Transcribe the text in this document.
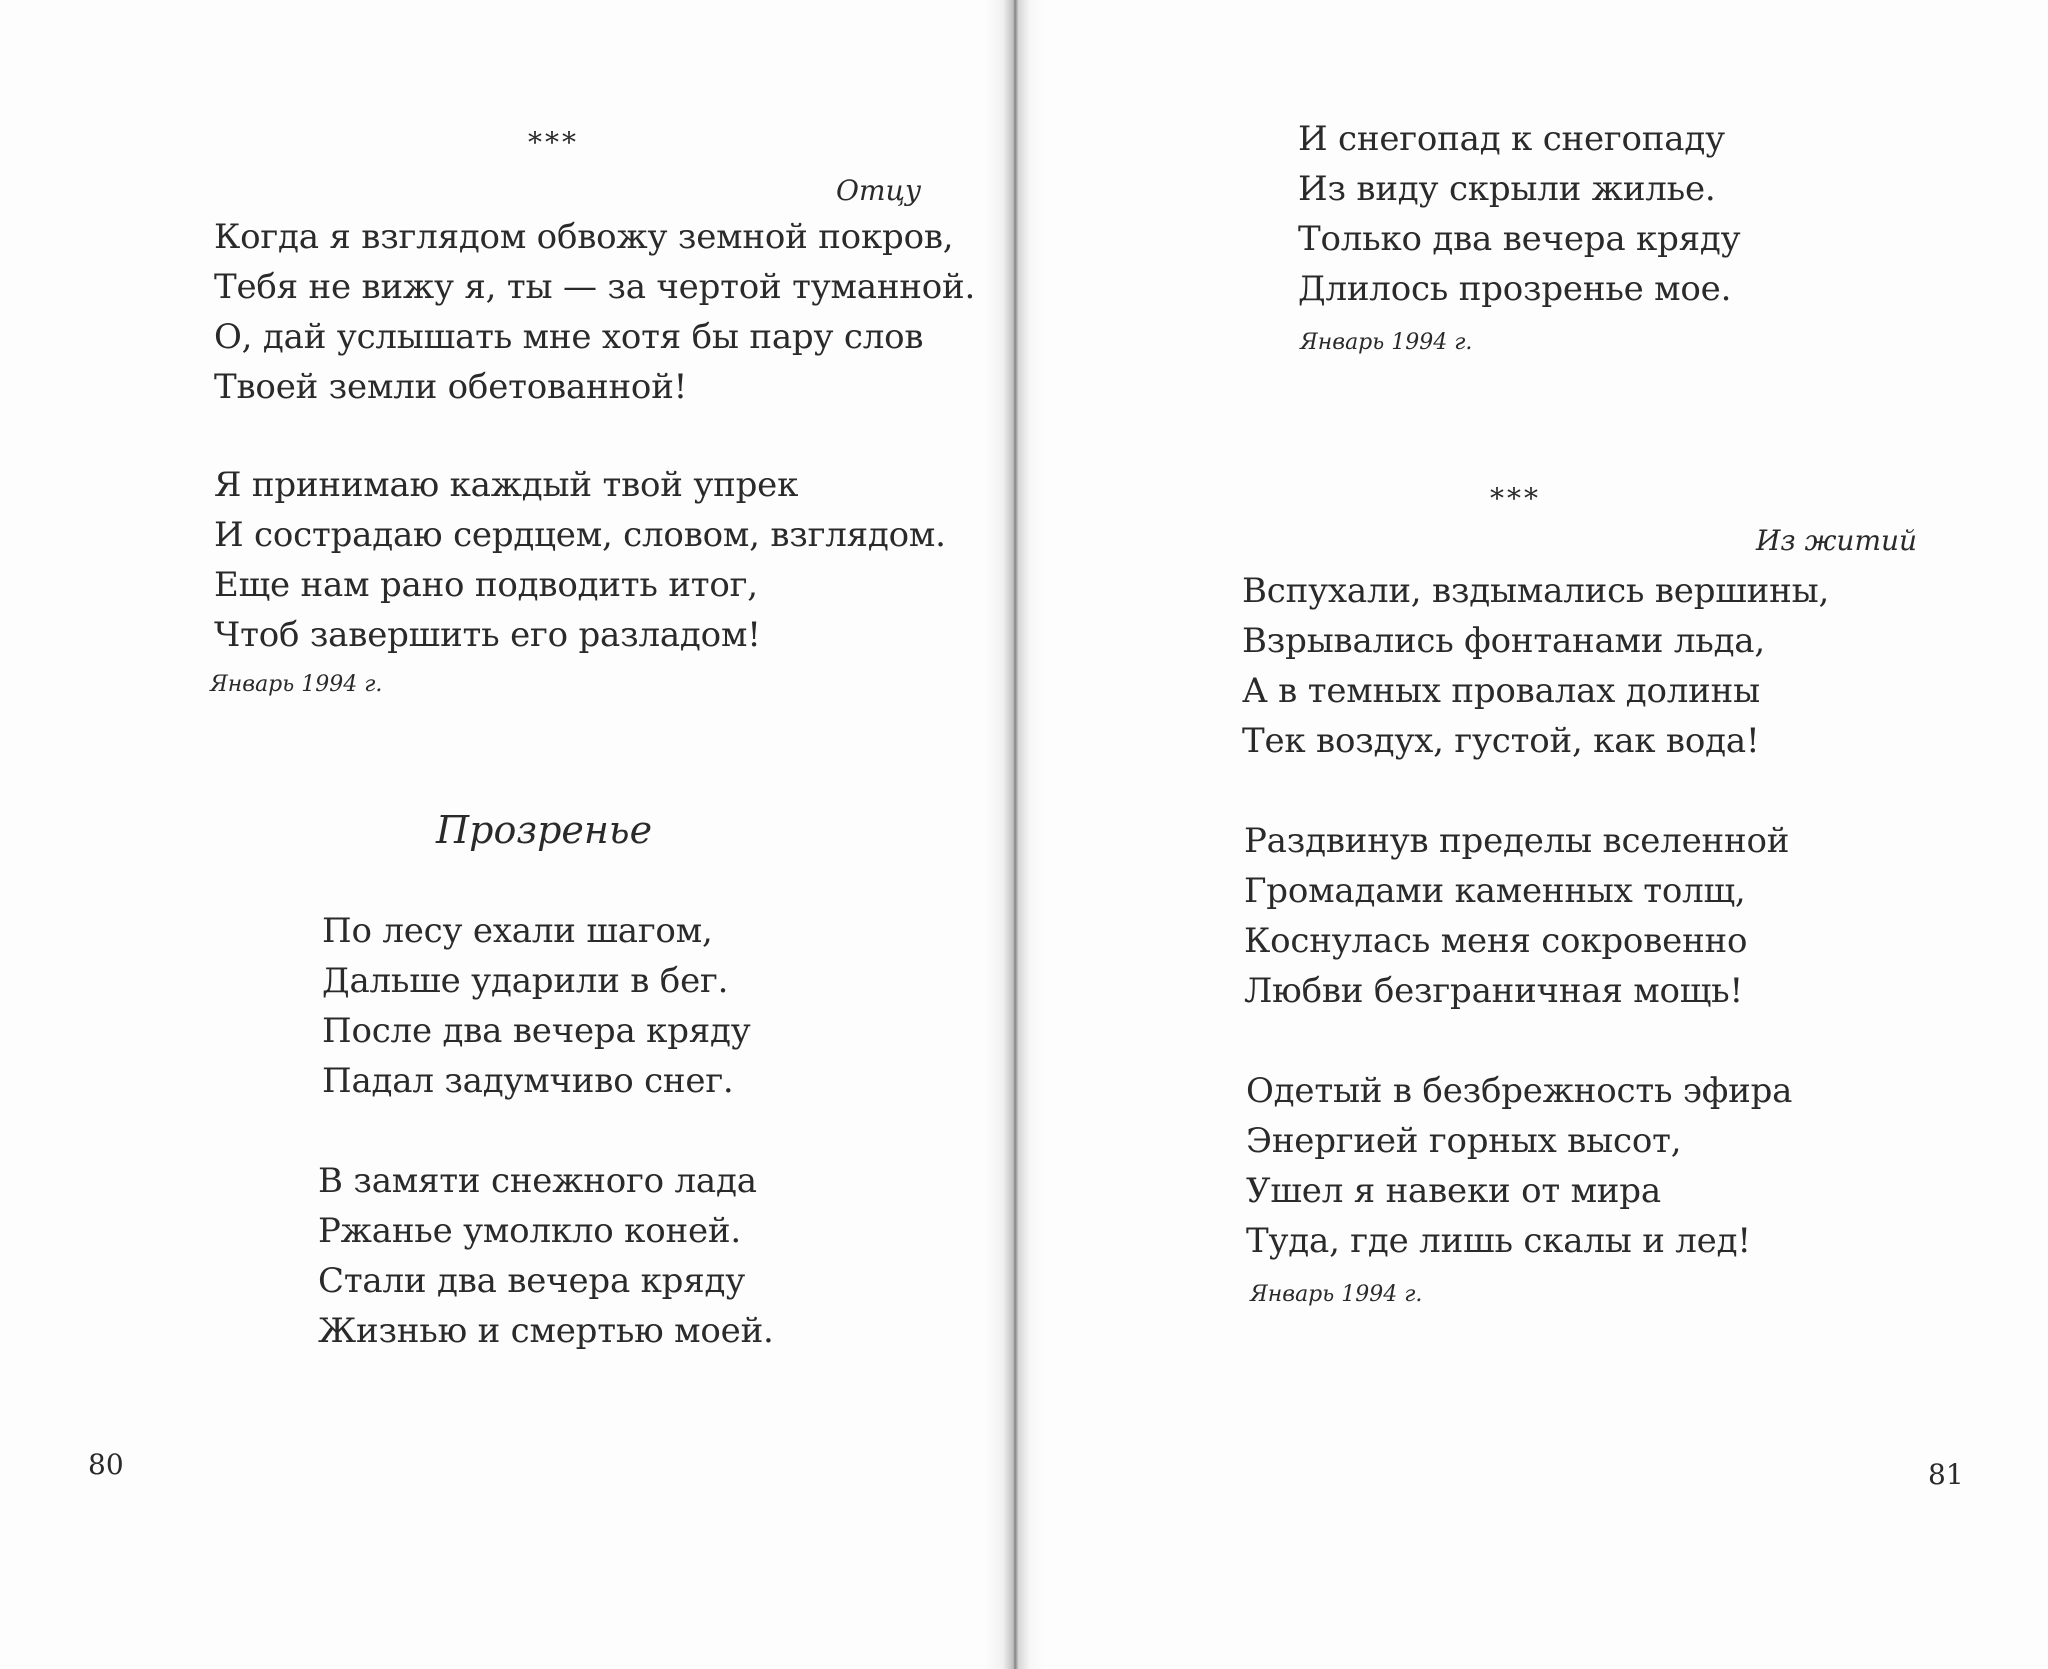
***
Отцу
Когда я взглядом обвожу земной покров,
Тебя не вижу я, ты — за чертой туманной.
О, дай услышать мне хотя бы пару слов
Твоей земли обетованной!
Я принимаю каждый твой упрек
И сострадаю сердцем, словом, взглядом.
Еще нам рано подводить итог,
Чтоб завершить его разладом!
Январь 1994 г.
Прозренье
По лесу ехали шагом,
Дальше ударили в бег.
После два вечера кряду
Падал задумчиво снег.
В замяти снежного лада
Ржанье умолкло коней.
Стали два вечера кряду
Жизнью и смертью моей.
80
И снегопад к снегопаду
Из виду скрыли жилье.
Только два вечера кряду
Длилось прозренье мое.
Январь 1994 г.
***
Из житий
Вспухали, вздымались вершины,
Взрывались фонтанами льда,
А в темных провалах долины
Тек воздух, густой, как вода!
Раздвинув пределы вселенной
Громадами каменных толщ,
Коснулась меня сокровенно
Любви безграничная мощь!
Одетый в безбрежность эфира
Энергией горных высот,
Ушел я навеки от мира
Туда, где лишь скалы и лед!
Январь 1994 г.
81
